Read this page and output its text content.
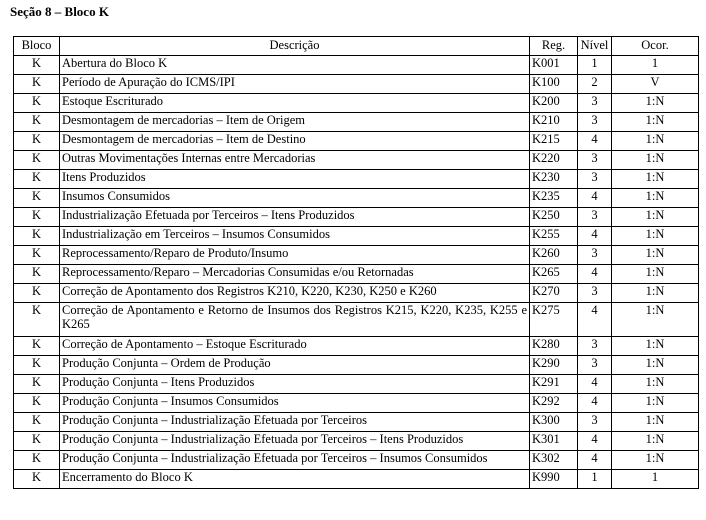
Seção 8 – Bloco K
Bloco	Descrição	Reg.	Nível	Ocor.
K	Abertura do Bloco K	K001	1	1
K	Período de Apuração do ICMS/IPI	K100	2	V
K	Estoque Escriturado	K200	3	1:N
K	Desmontagem de mercadorias – Item de Origem	K210	3	1:N
K	Desmontagem de mercadorias – Item de Destino	K215	4	1:N
K	Outras Movimentações Internas entre Mercadorias	K220	3	1:N
K	Itens Produzidos	K230	3	1:N
K	Insumos Consumidos	K235	4	1:N
K	Industrialização Efetuada por Terceiros – Itens Produzidos	K250	3	1:N
K	Industrialização em Terceiros – Insumos Consumidos	K255	4	1:N
K	Reprocessamento/Reparo de Produto/Insumo	K260	3	1:N
K	Reprocessamento/Reparo – Mercadorias Consumidas e/ou Retornadas	K265	4	1:N
K	Correção de Apontamento dos Registros K210, K220, K230, K250 e K260	K270	3	1:N
K	Correção de Apontamento e Retorno de Insumos dos Registros K215, K220, K235, K255 e K265	K275	4	1:N
K	Correção de Apontamento – Estoque Escriturado	K280	3	1:N
K	Produção Conjunta – Ordem de Produção	K290	3	1:N
K	Produção Conjunta – Itens Produzidos	K291	4	1:N
K	Produção Conjunta – Insumos Consumidos	K292	4	1:N
K	Produção Conjunta – Industrialização Efetuada por Terceiros	K300	3	1:N
K	Produção Conjunta – Industrialização Efetuada por Terceiros – Itens Produzidos	K301	4	1:N
K	Produção Conjunta – Industrialização Efetuada por Terceiros – Insumos Consumidos	K302	4	1:N
K	Encerramento do Bloco K	K990	1	1
